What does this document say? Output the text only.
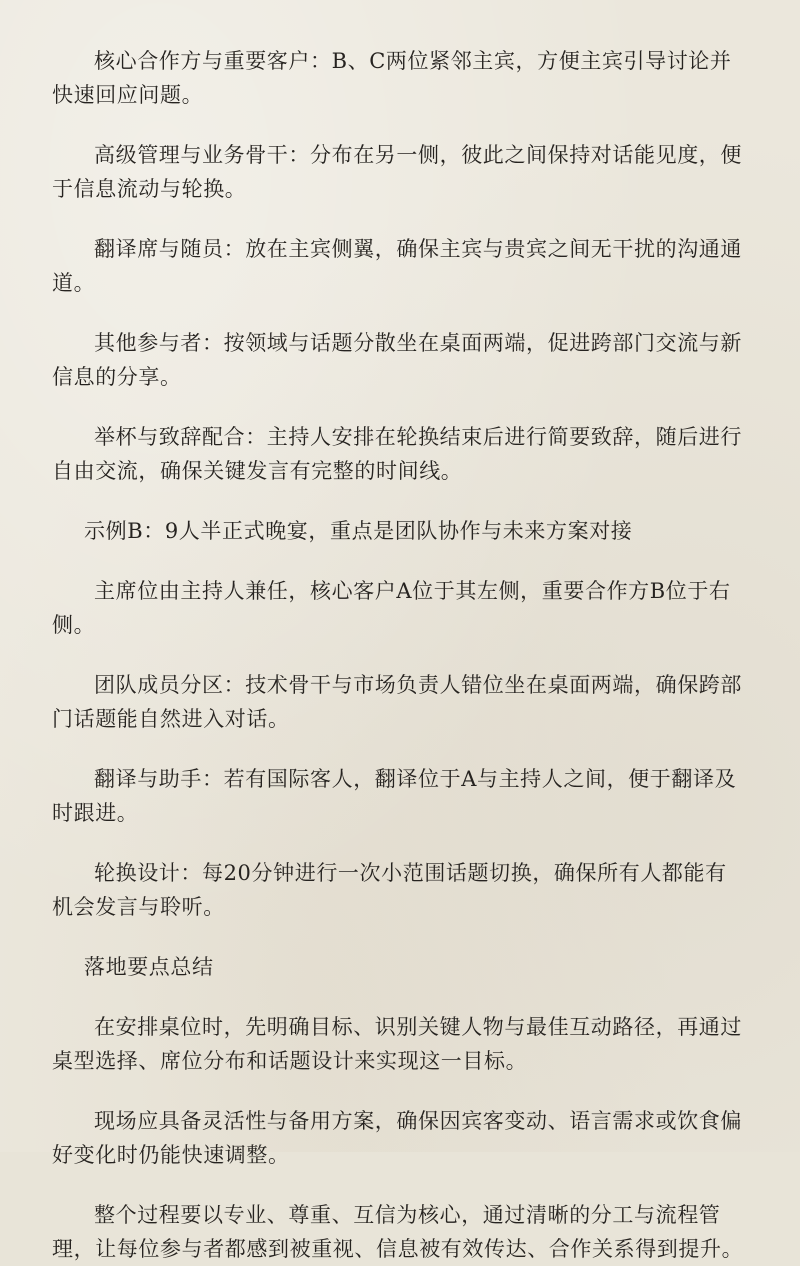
核心合作方与重要客户：B、C两位紧邻主宾，方便主宾引导讨论并快速回应问题。

高级管理与业务骨干：分布在另一侧，彼此之间保持对话能见度，便于信息流动与轮换。

翻译席与随员：放在主宾侧翼，确保主宾与贵宾之间无干扰的沟通通道。

其他参与者：按领域与话题分散坐在桌面两端，促进跨部门交流与新信息的分享。

举杯与致辞配合：主持人安排在轮换结束后进行简要致辞，随后进行自由交流，确保关键发言有完整的时间线。

示例B：9人半正式晚宴，重点是团队协作与未来方案对接

主席位由主持人兼任，核心客户A位于其左侧，重要合作方B位于右侧。

团队成员分区：技术骨干与市场负责人错位坐在桌面两端，确保跨部门话题能自然进入对话。

翻译与助手：若有国际客人，翻译位于A与主持人之间，便于翻译及时跟进。

轮换设计：每20分钟进行一次小范围话题切换，确保所有人都能有机会发言与聆听。

落地要点总结

在安排桌位时，先明确目标、识别关键人物与最佳互动路径，再通过桌型选择、席位分布和话题设计来实现这一目标。

现场应具备灵活性与备用方案，确保因宾客变动、语言需求或饮食偏好变化时仍能快速调整。

整个过程要以专业、尊重、互信为核心，通过清晰的分工与流程管理，让每位参与者都感到被重视、信息被有效传达、合作关系得到提升。
